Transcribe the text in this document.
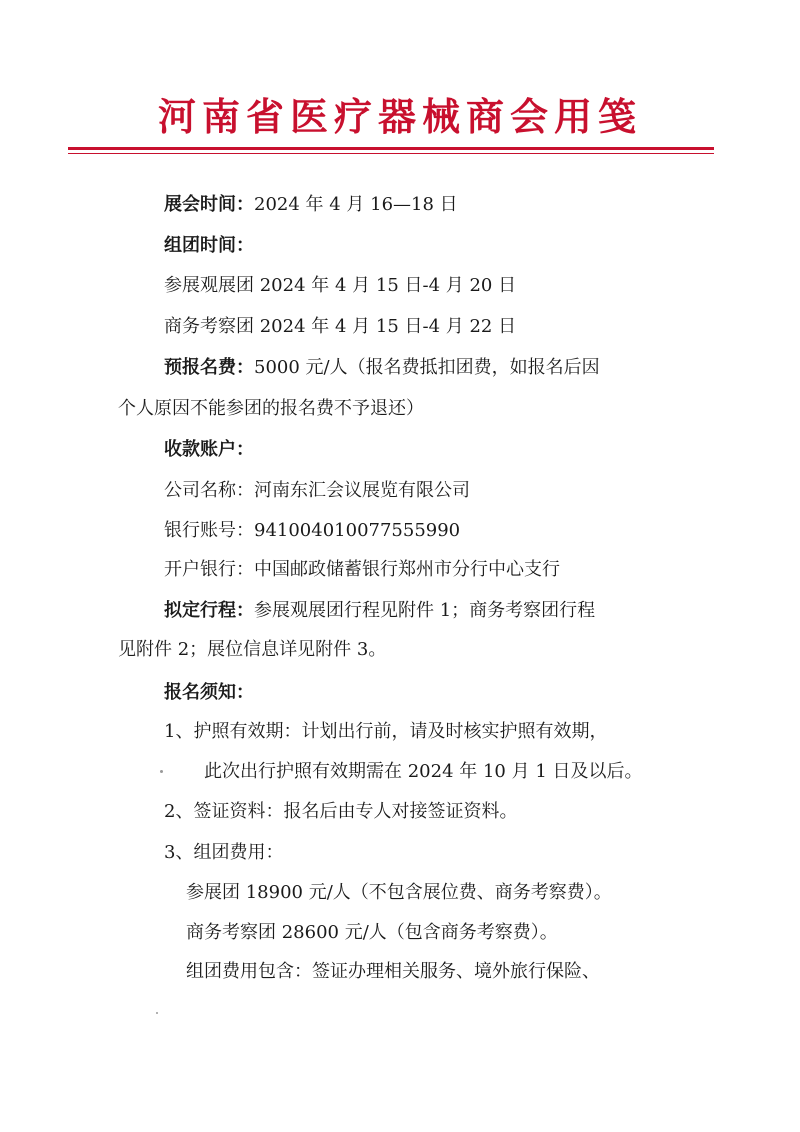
河南省医疗器械商会用笺
展会时间：2024 年 4 月 16—18 日
组团时间：
参展观展团 2024 年 4 月 15 日-4 月 20 日
商务考察团 2024 年 4 月 15 日-4 月 22 日
预报名费：5000 元/人（报名费抵扣团费，如报名后因
个人原因不能参团的报名费不予退还）
收款账户：
公司名称：河南东汇会议展览有限公司
银行账号：941004010077555990
开户银行：中国邮政储蓄银行郑州市分行中心支行
拟定行程：参展观展团行程见附件 1；商务考察团行程
见附件 2；展位信息详见附件 3。
报名须知：
1、护照有效期：计划出行前，请及时核实护照有效期，
此次出行护照有效期需在 2024 年 10 月 1 日及以后。
2、签证资料：报名后由专人对接签证资料。
3、组团费用：
参展团 18900 元/人（不包含展位费、商务考察费）。
商务考察团 28600 元/人（包含商务考察费）。
组团费用包含：签证办理相关服务、境外旅行保险、
